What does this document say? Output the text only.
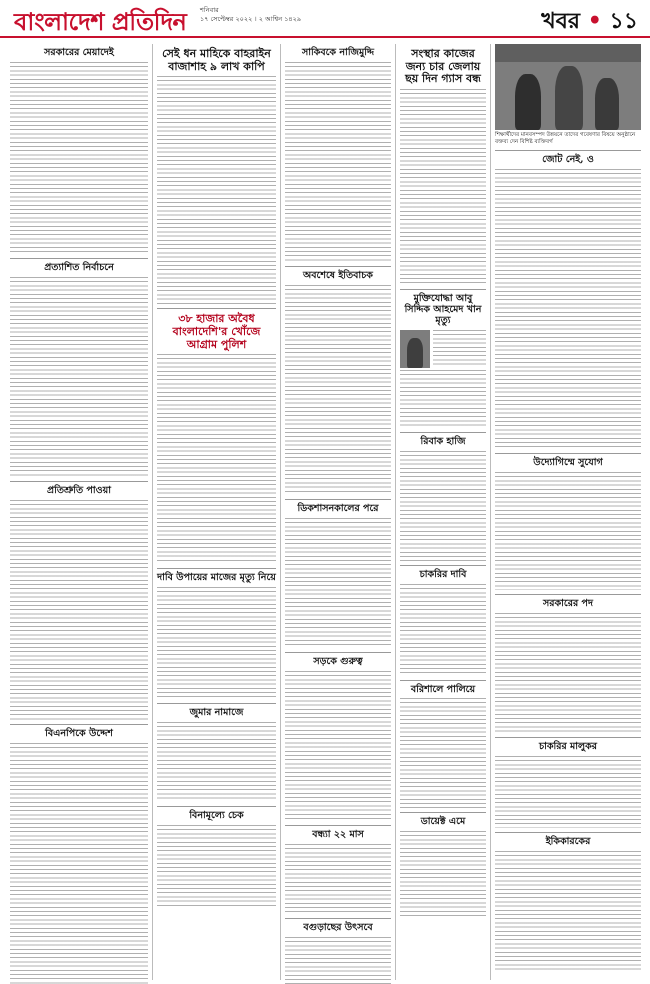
বাংলাদেশ প্রতিদিন শনিবার
১৭ সেপ্টেম্বর ২০২২ । ২ আশ্বিন ১৪২৯	খবর • ১১
সরকারের মেয়াদেই
প্রত্যাশিত নির্বাচনে
প্রতিশ্রুতি পাওয়া
বিএনপিকে উদ্দেশ
সেই ধন মাহিকে বাহরাইন বাজাশাহ ৯ লাখ কাপি
৩৮ হাজার অবৈধ বাংলাদেশি'র খোঁজে আগ্রাম পুলিশ
দাবি উপায়ের মাজের মৃত্যু নিয়ে
জুমার নামাজে
বিনামূল্যে চেক
সাকিবকে নাজিমুদ্দি
অবশেষে ইতিবাচক
ডিকশাসনকালের পরে
সড়কে গুরুত্ব
বন্ধ্যা ২২ মাস
বগুড়াছের উৎসবে
সংস্থার কাজের জন্য চার জেলায় ছয় দিন গ্যাস বন্ধ
মুক্তিযোদ্ধা আবু সিদ্দিক আহমেদ খান মৃত্যু
রিবাক হাজি
চাকরির দাবি
বরিশালে পালিয়ে
ডায়েক্ট এমে
শিক্ষার্থীদের মানবসম্পদ উন্নয়নে তাদের গবেষণার বিষয়ে অনুষ্ঠানে বক্তব্য দেন বিশিষ্ট ব্যক্তিবর্গ
জোট নেই, ও
উদ্যোগিম্মে সুযোগ
সরকারের পদ
চাকরির মালুকর
ইকিকারকের
